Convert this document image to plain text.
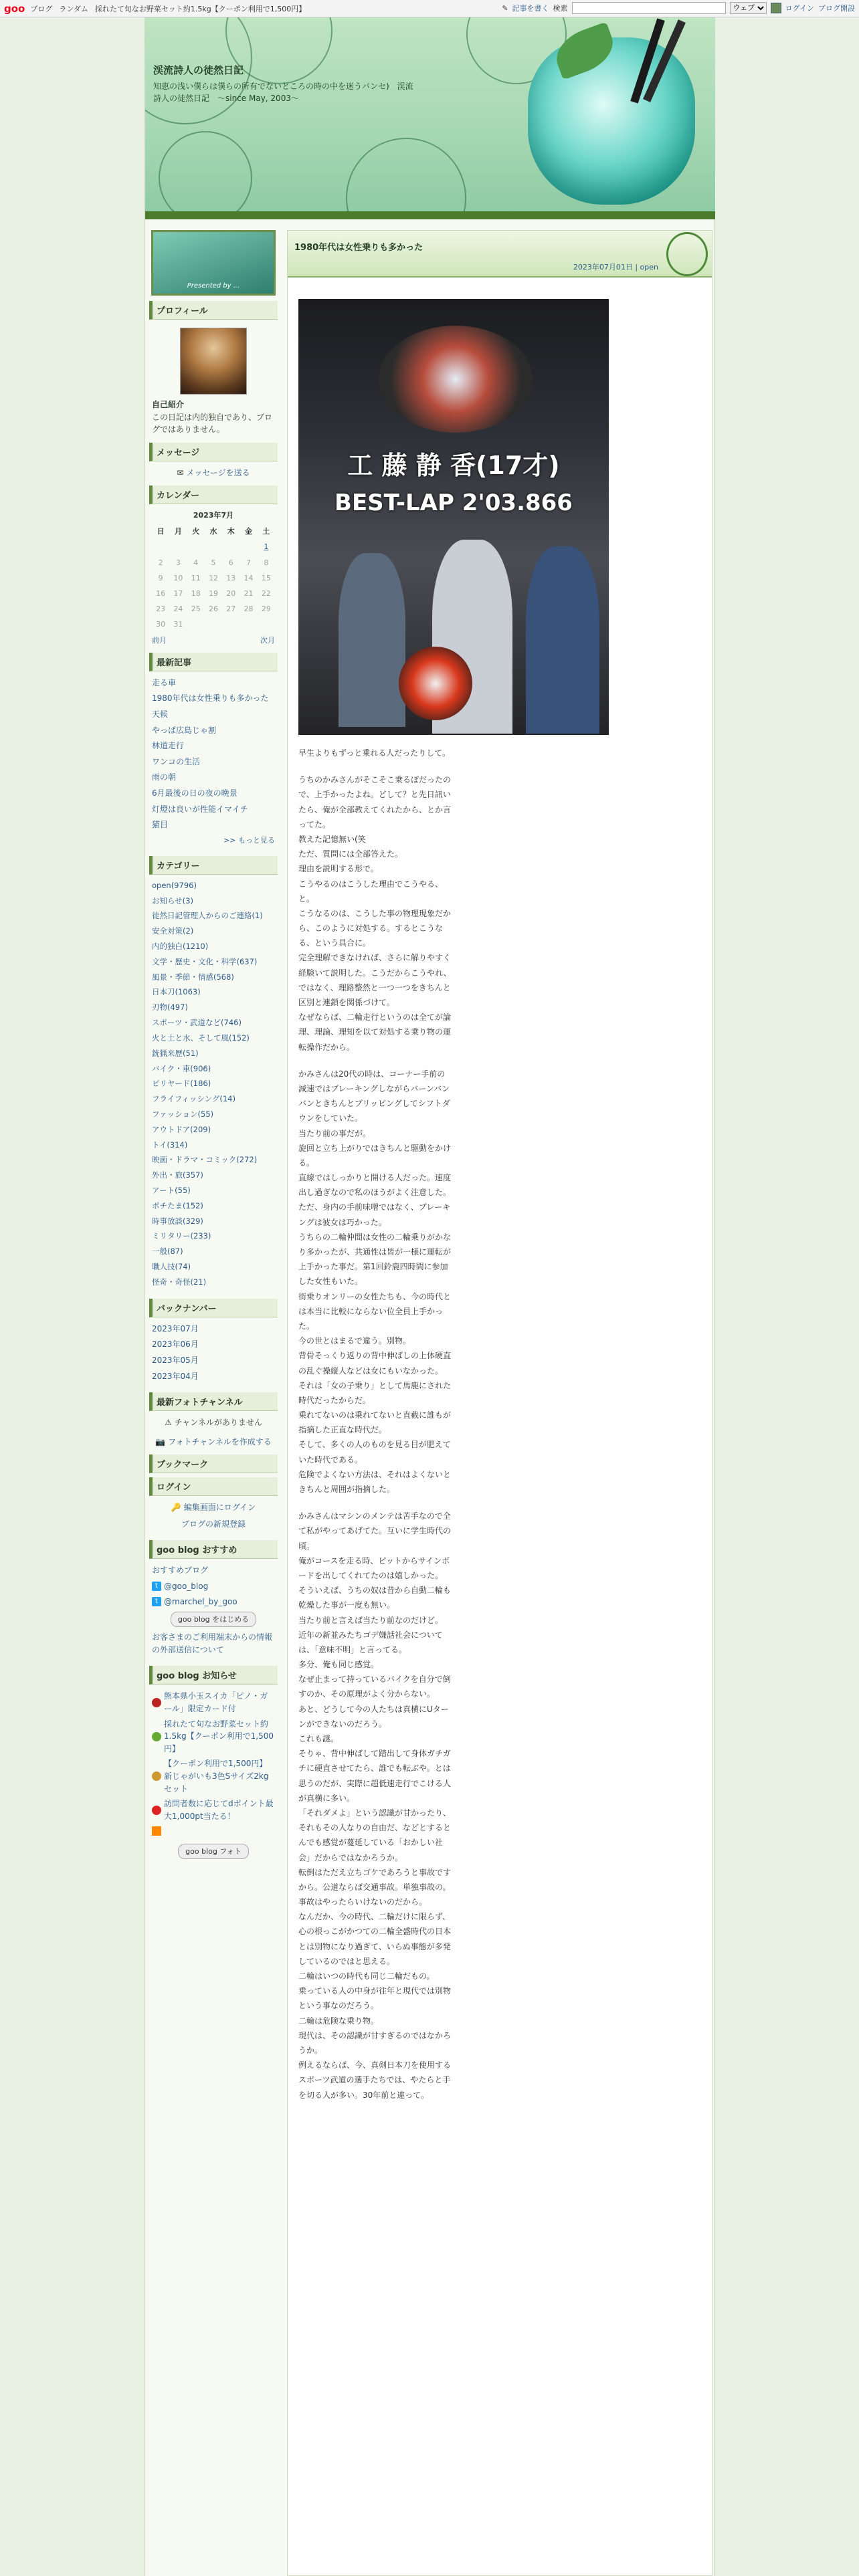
goo ブログ ランダム 採れたて旬なお野菜セット約1.5kg【クーポン利用で1,500円】	✎ 記事を書く 検索
ウェブ	ログイン ブログ開設
渓流詩人の徒然日記
知恵の浅い僕らは僕らの所有でないところの時の中を迷うパンセ)　渓流詩人の徒然日記　〜since May, 2003〜
Presented by ...
プロフィール
自己紹介
この日記は内的独自であり、ブログではありません。
メッセージ
✉ メッセージを送る
カレンダー
2023年7月
日	月	火	水	木	金	土
						1
2	3	4	5	6	7	8
9	10	11	12	13	14	15
16	17	18	19	20	21	22
23	24	25	26	27	28	29
30	31					
前月	次月
最新記事
走る車
1980年代は女性乗りも多かった
天候
やっぱ広島じゃ割
林道走行
ワンコの生活
雨の朝
6月最後の日の夜の晩景
灯燈は良いが性能イマイチ
猫目
>> もっと見る
カテゴリー
open(9796)
お知らせ(3)
徒然日記管理人からのご連絡(1)
安全対策(2)
内的独白(1210)
文学・歴史・文化・科学(637)
風景・季節・情感(568)
日本刀(1063)
刃物(497)
スポーツ・武道など(746)
火と土と水、そして風(152)
銃猟来歴(51)
バイク・車(906)
ビリヤード(186)
フライフィッシング(14)
ファッション(55)
アウトドア(209)
トイ(314)
映画・ドラマ・コミック(272)
外出・旅(357)
アート(55)
ポチたま(152)
時事放談(329)
ミリタリー(233)
一般(87)
職人技(74)
怪奇・奇怪(21)
バックナンバー
2023年07月
2023年06月
2023年05月
2023年04月
最新フォトチャンネル
⚠ チャンネルがありません
📷 フォトチャンネルを作成する
ブックマーク
ログイン
🔑 編集画面にログイン
ブログの新規登録
goo blog おすすめ
おすすめブログ
t @goo_blog
t @marchel_by_goo
goo blog をはじめる
お客さまのご利用端末からの情報の外部送信について
goo blog お知らせ
熊本県小玉スイカ「ピノ・ガール」限定カード付
採れたて旬なお野菜セット約1.5kg【クーポン利用で1,500円】
【クーポン利用で1,500円】新じゃがいも3色Sサイズ2kgセット
訪問者数に応じてdポイント最大1,000pt当たる！
goo blog フォト
1980年代は女性乗りも多かった
2023年07月01日 | open
工 藤 静 香(17才)
BEST-LAP 2'03.866

早生よりもずっと乗れる人だったりして。

うちのかみさんがそこそこ乗るぽだったので、上手かったよね。どして？と先日訊いたら、俺が全部教えてくれたから、とか言ってた。
教えた記憶無い(笑
ただ、質問には全部答えた。
理由を説明する形で。
こうやるのはこうした理由でこうやる、と。
こうなるのは、こうした事の物理現象だから、このように対処する。するとこうなる、という具合に。
完全理解できなければ、さらに解りやすく経験いて説明した。こうだからこうやれ、ではなく、理路整然と一つ一つをきちんと区別と連鎖を関係づけて。
なぜならば、二輪走行というのは全てが論理、理論、理知を以て対処する乗り物の運転操作だから。

かみさんは20代の時は、コーナー手前の減速ではブレーキングしながらバーンバンバンときちんとブリッピングしてシフトダウンをしていた。
当たり前の事だが。
旋回と立ち上がりではきちんと駆動をかける。
直線ではしっかりと開ける人だった。速度出し過ぎなので私のほうがよく注意した。
ただ、身内の手前味噌ではなく、ブレーキングは彼女は巧かった。
うちらの二輪仲間は女性の二輪乗りがかなり多かったが、共通性は皆が一様に運転が上手かった事だ。第1回鈴鹿四時間に参加した女性もいた。
街乗りオンリーの女性たちも、今の時代とは本当に比較にならない位全員上手かった。
今の世とはまるで違う。別物。
背骨そっくり返りの背中伸ばしの上体硬直の乱ぐ操縦人などは女にもいなかった。
それは「女の子乗り」として馬鹿にされた時代だったからだ。
乗れてないのは乗れてないと直截に誰もが指摘した正直な時代だ。
そして、多くの人のものを見る目が肥えていた時代である。
危険でよくない方法は、それはよくないときちんと周囲が指摘した。

かみさんはマシンのメンテは苦手なので全て私がやってあげてた。互いに学生時代の頃。
俺がコースを走る時、ピットからサインボードを出してくれてたのは嬉しかった。
そういえば、うちの奴は昔から自動二輪も乾燥した事が一度も無い。
当たり前と言えば当たり前なのだけど。
近年の新並みたちゴデ嫌話社会については、「意味不明」と言ってる。
多分、俺も同じ感覚。
なぜ止まって持っているバイクを自分で倒すのか、その原理がよく分からない。
あと、どうして今の人たちは真横にUターンができないのだろう。
これも謎。
そりゃ、背中伸ばして踏出して身体ガチガチに硬直させてたら、誰でも転ぶや。とは思うのだが、実際に超低速走行でこける人が真横に多い。
「それダメよ」という認識が甘かったり、それもその人なりの自由だ、などとするとんでも感覚が蔓延している「おかしい社会」だからではなかろうか。
転倒はただえ立ちゴケであろうと事故ですから。公道ならば交通事故。単独事故の。
事故はやったらいけないのだから。
なんだか、今の時代、二輪だけに限らず、心の根っこがかつての二輪全盛時代の日本とは別物になり過ぎて、いらぬ事態が多発しているのではと思える。
二輪はいつの時代も同じ二輪だもの。
乗っている人の中身が往年と現代では別物という事なのだろう。
二輪は危険な乗り物。
現代は、その認識が甘すぎるのではなかろうか。
例えるならば、今、真剣日本刀を使用するスポーツ武道の選手たちでは、やたらと手を切る人が多い。30年前と違って。
